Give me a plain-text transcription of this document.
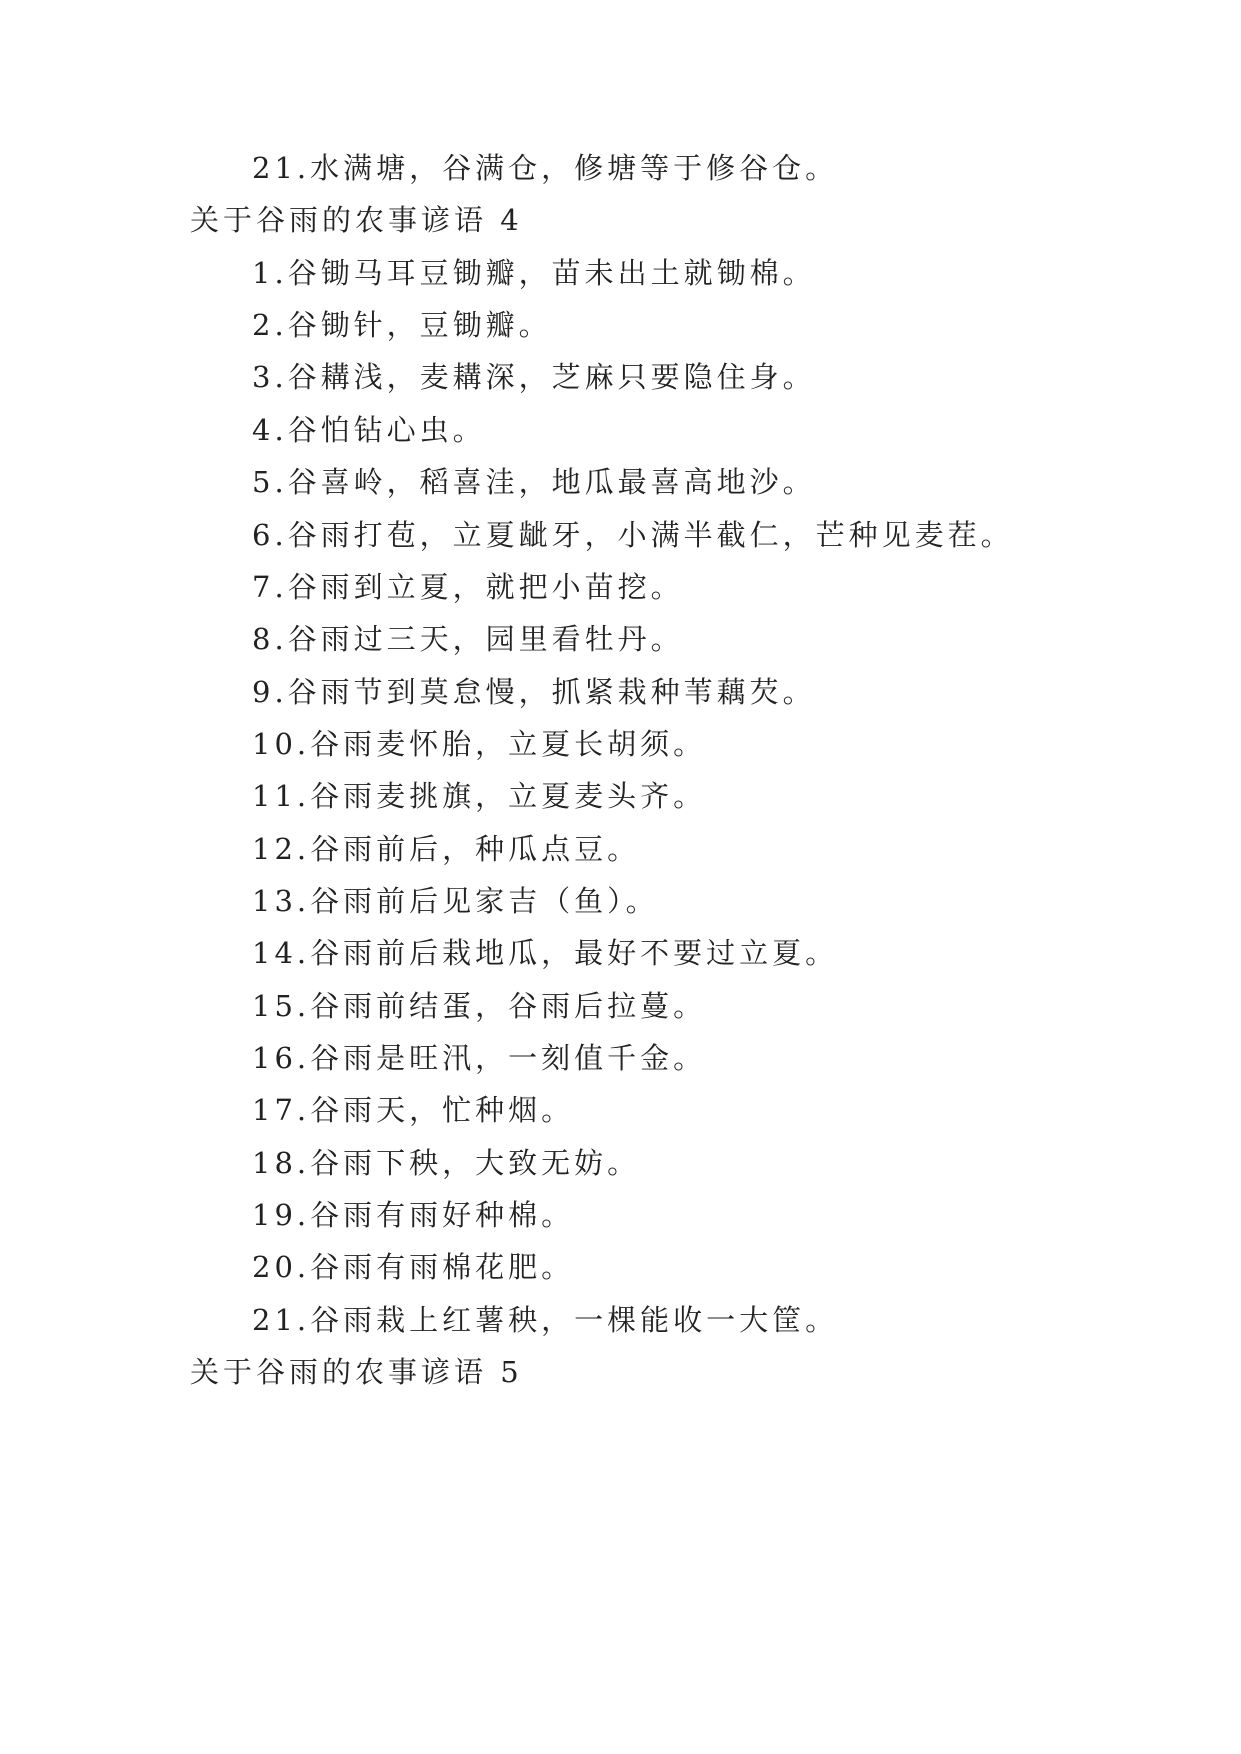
21.水满塘，谷满仓，修塘等于修谷仓。
关于谷雨的农事谚语 4
1.谷锄马耳豆锄瓣，苗未出土就锄棉。
2.谷锄针，豆锄瓣。
3.谷耩浅，麦耩深，芝麻只要隐住身。
4.谷怕钻心虫。
5.谷喜岭，稻喜洼，地瓜最喜高地沙。
6.谷雨打苞，立夏龇牙，小满半截仁，芒种见麦茬。
7.谷雨到立夏，就把小苗挖。
8.谷雨过三天，园里看牡丹。
9.谷雨节到莫怠慢，抓紧栽种苇藕芡。
10.谷雨麦怀胎，立夏长胡须。
11.谷雨麦挑旗，立夏麦头齐。
12.谷雨前后，种瓜点豆。
13.谷雨前后见家吉（鱼）。
14.谷雨前后栽地瓜，最好不要过立夏。
15.谷雨前结蛋，谷雨后拉蔓。
16.谷雨是旺汛，一刻值千金。
17.谷雨天，忙种烟。
18.谷雨下秧，大致无妨。
19.谷雨有雨好种棉。
20.谷雨有雨棉花肥。
21.谷雨栽上红薯秧，一棵能收一大筐。
关于谷雨的农事谚语 5
